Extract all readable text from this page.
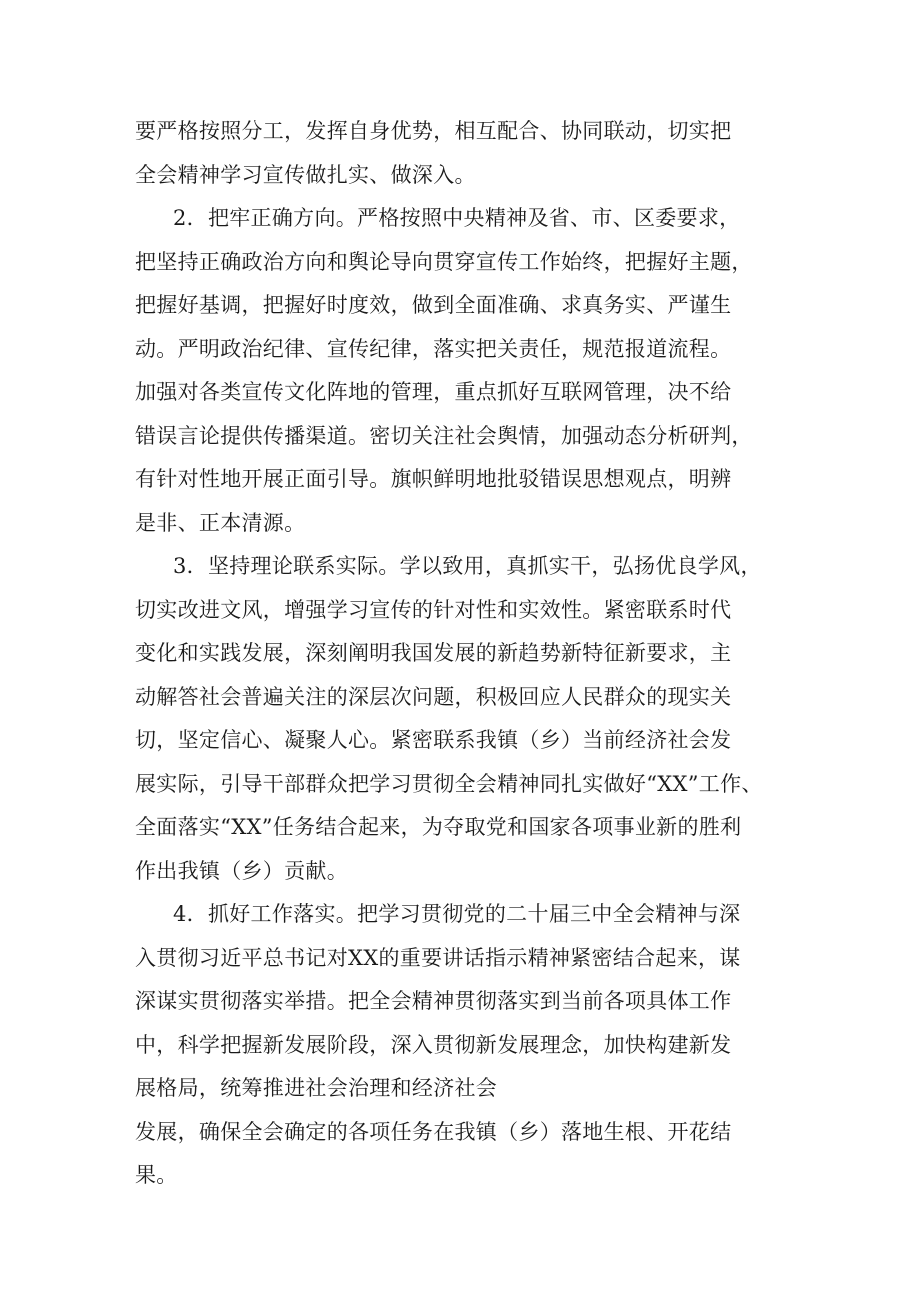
要严格按照分工，发挥自身优势，相互配合、协同联动，切实把
全会精神学习宣传做扎实、做深入。
2．把牢正确方向。严格按照中央精神及省、市、区委要求，
把坚持正确政治方向和舆论导向贯穿宣传工作始终，把握好主题，
把握好基调，把握好时度效，做到全面准确、求真务实、严谨生
动。严明政治纪律、宣传纪律，落实把关责任，规范报道流程。
加强对各类宣传文化阵地的管理，重点抓好互联网管理，决不给
错误言论提供传播渠道。密切关注社会舆情，加强动态分析研判，
有针对性地开展正面引导。旗帜鲜明地批驳错误思想观点，明辨
是非、正本清源。
3．坚持理论联系实际。学以致用，真抓实干，弘扬优良学风，
切实改进文风，增强学习宣传的针对性和实效性。紧密联系时代
变化和实践发展，深刻阐明我国发展的新趋势新特征新要求，主
动解答社会普遍关注的深层次问题，积极回应人民群众的现实关
切，坚定信心、凝聚人心。紧密联系我镇（乡）当前经济社会发
展实际，引导干部群众把学习贯彻全会精神同扎实做好“XX”工作、
全面落实“XX”任务结合起来，为夺取党和国家各项事业新的胜利
作出我镇（乡）贡献。
4．抓好工作落实。把学习贯彻党的二十届三中全会精神与深
入贯彻习近平总书记对XX的重要讲话指示精神紧密结合起来，谋
深谋实贯彻落实举措。把全会精神贯彻落实到当前各项具体工作
中，科学把握新发展阶段，深入贯彻新发展理念，加快构建新发
展格局，统筹推进社会治理和经济社会
发展，确保全会确定的各项任务在我镇（乡）落地生根、开花结
果。
